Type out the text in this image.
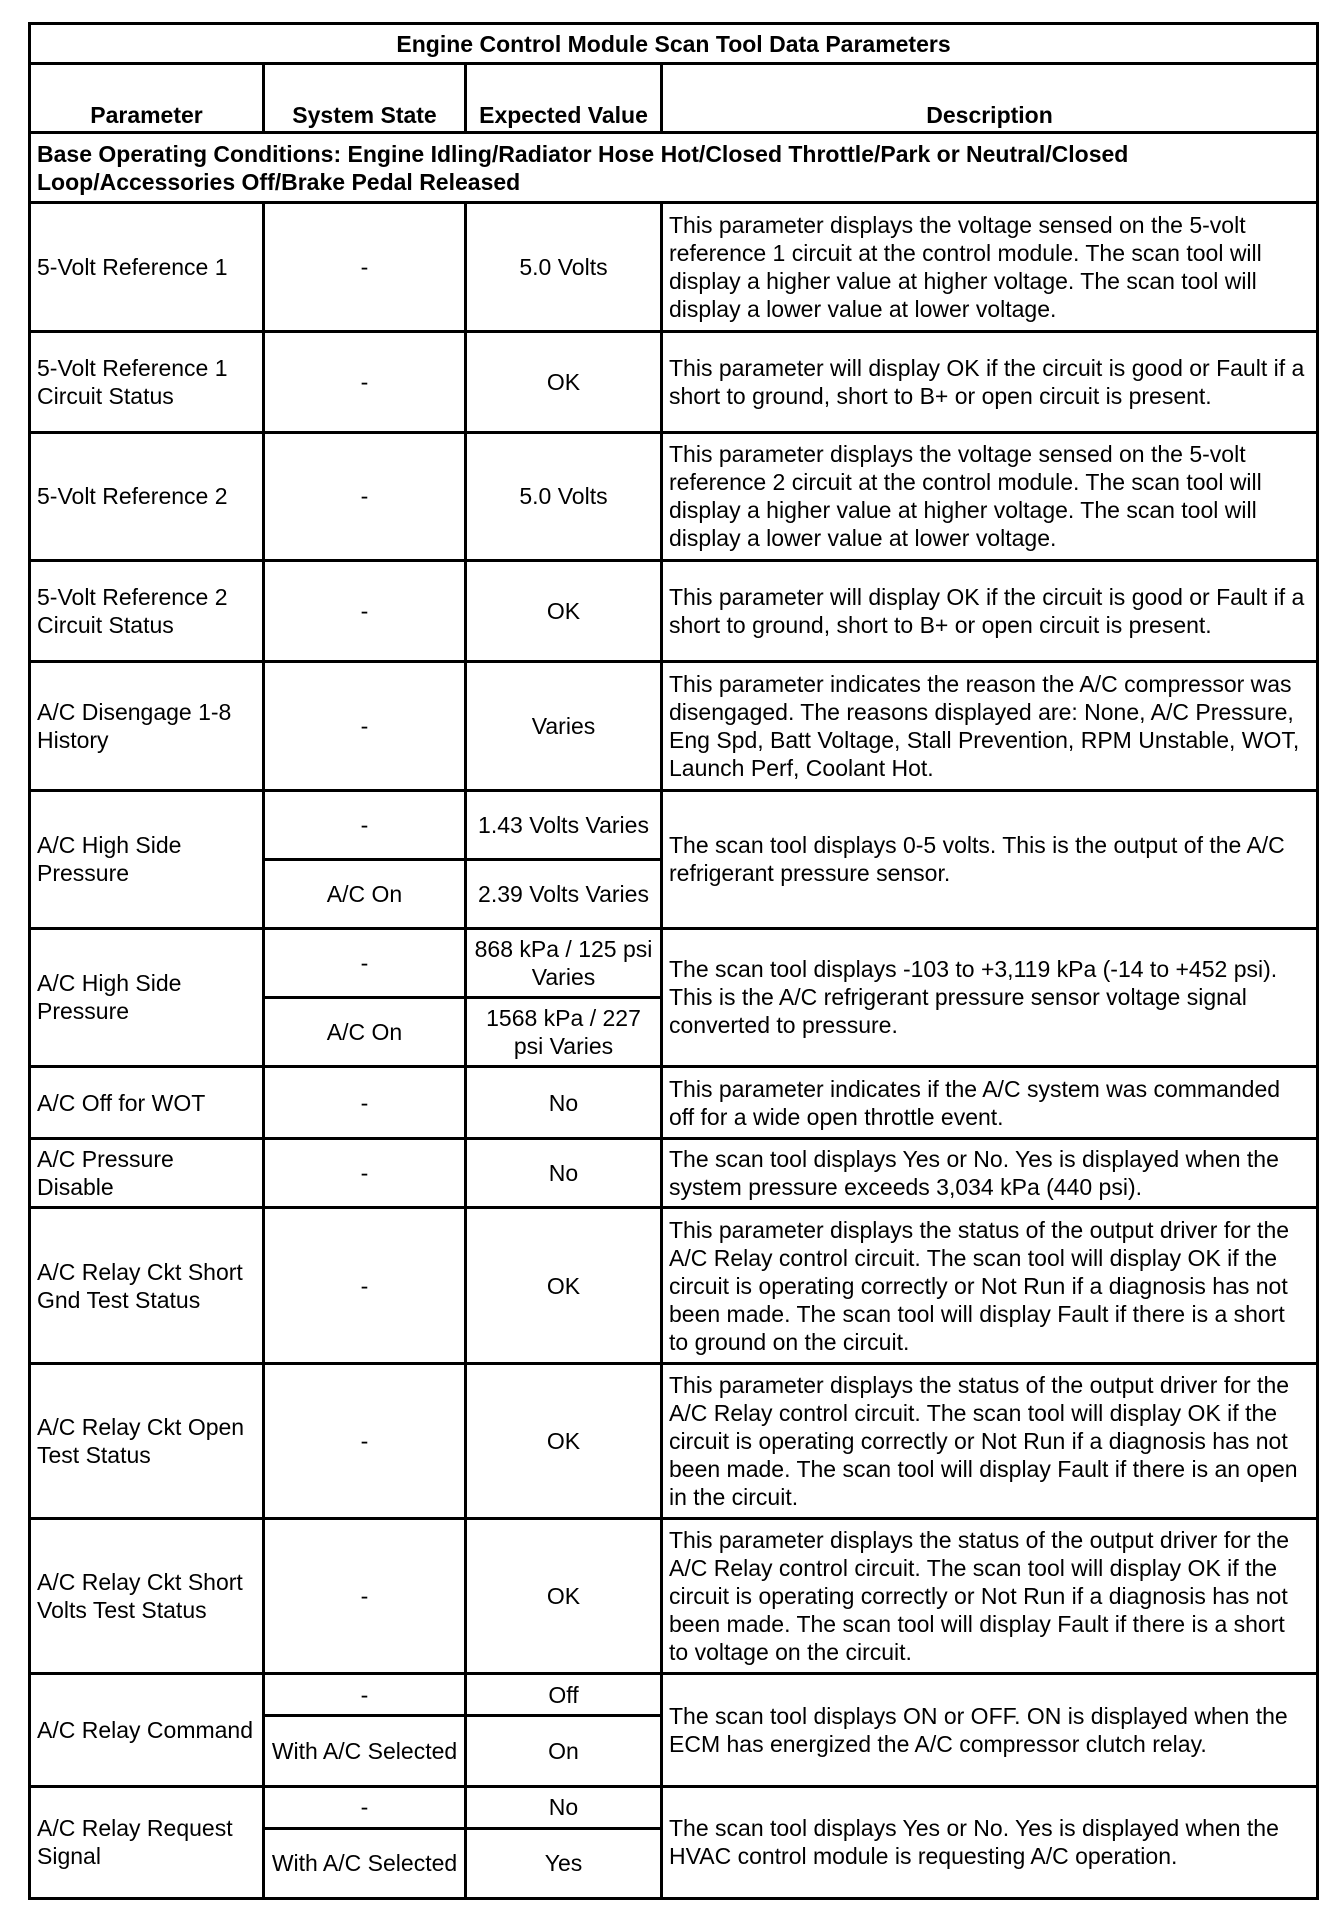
Engine Control Module Scan Tool Data Parameters			
Parameter	System State	Expected Value	Description
Base Operating Conditions: Engine Idling/Radiator Hose Hot/Closed Throttle/Park or Neutral/Closed Loop/Accessories Off/Brake Pedal Released			
5-Volt Reference 1	-	5.0 Volts	This parameter displays the voltage sensed on the 5-volt reference 1 circuit at the control module. The scan tool will display a higher value at higher voltage. The scan tool will display a lower value at lower voltage.
5-Volt Reference 1 Circuit Status	-	OK	This parameter will display OK if the circuit is good or Fault if a short to ground, short to B+ or open circuit is present.
5-Volt Reference 2	-	5.0 Volts	This parameter displays the voltage sensed on the 5-volt reference 2 circuit at the control module. The scan tool will display a higher value at higher voltage. The scan tool will display a lower value at lower voltage.
5-Volt Reference 2 Circuit Status	-	OK	This parameter will display OK if the circuit is good or Fault if a short to ground, short to B+ or open circuit is present.
A/C Disengage 1-8 History	-	Varies	This parameter indicates the reason the A/C compressor was disengaged. The reasons displayed are: None, A/C Pressure, Eng Spd, Batt Voltage, Stall Prevention, RPM Unstable, WOT, Launch Perf, Coolant Hot.
A/C High Side Pressure	-	1.43 Volts Varies	The scan tool displays 0-5 volts. This is the output of the A/C refrigerant pressure sensor.
	A/C On	2.39 Volts Varies	
A/C High Side Pressure	-	868 kPa / 125 psi Varies	The scan tool displays -103 to +3,119 kPa (-14 to +452 psi). This is the A/C refrigerant pressure sensor voltage signal converted to pressure.
	A/C On	1568 kPa / 227 psi Varies	
A/C Off for WOT	-	No	This parameter indicates if the A/C system was commanded off for a wide open throttle event.
A/C Pressure Disable	-	No	The scan tool displays Yes or No. Yes is displayed when the system pressure exceeds 3,034 kPa (440 psi).
A/C Relay Ckt Short Gnd Test Status	-	OK	This parameter displays the status of the output driver for the A/C Relay control circuit. The scan tool will display OK if the circuit is operating correctly or Not Run if a diagnosis has not been made. The scan tool will display Fault if there is a short to ground on the circuit.
A/C Relay Ckt Open Test Status	-	OK	This parameter displays the status of the output driver for the A/C Relay control circuit. The scan tool will display OK if the circuit is operating correctly or Not Run if a diagnosis has not been made. The scan tool will display Fault if there is an open in the circuit.
A/C Relay Ckt Short Volts Test Status	-	OK	This parameter displays the status of the output driver for the A/C Relay control circuit. The scan tool will display OK if the circuit is operating correctly or Not Run if a diagnosis has not been made. The scan tool will display Fault if there is a short to voltage on the circuit.
A/C Relay Command	-	Off	The scan tool displays ON or OFF. ON is displayed when the ECM has energized the A/C compressor clutch relay.
	With A/C Selected	On	
A/C Relay Request Signal	-	No	The scan tool displays Yes or No. Yes is displayed when the HVAC control module is requesting A/C operation.
	With A/C Selected	Yes	
